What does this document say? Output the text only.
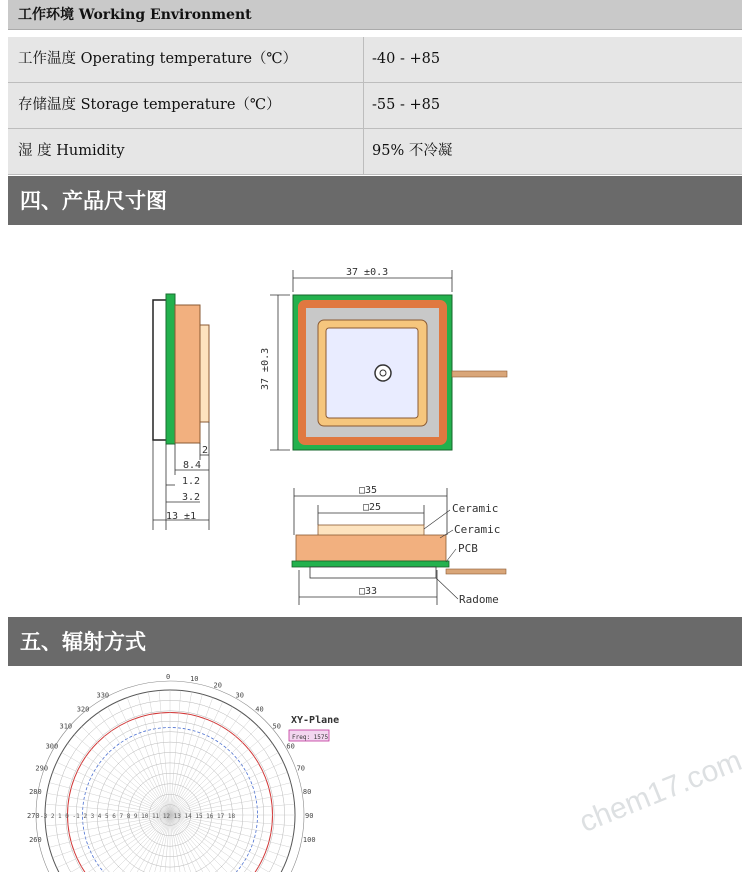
工作环境 Working Environment
工作温度 Operating temperature（℃）	-40 - +85
存储温度 Storage temperature（℃）	-55 - +85
湿 度 Humidity	95% 不冷凝
四、产品尺寸图
2
8.4
1.2
3.2
13 ±1
37 ±0.3
37 ±0.3
□35
□25
□33
Ceramic
Ceramic
PCB
Radome
五、辐射方式
0	10
20
30
40
330
320
310
300
290
280
270	90
80
70
60
50
260	100
-3 2 1 0 -1 2 3 4 5 6 7 8 9 10 11 12 13 14 15 16 17 18
XY-Plane
Freq: 1575
chem17.com
